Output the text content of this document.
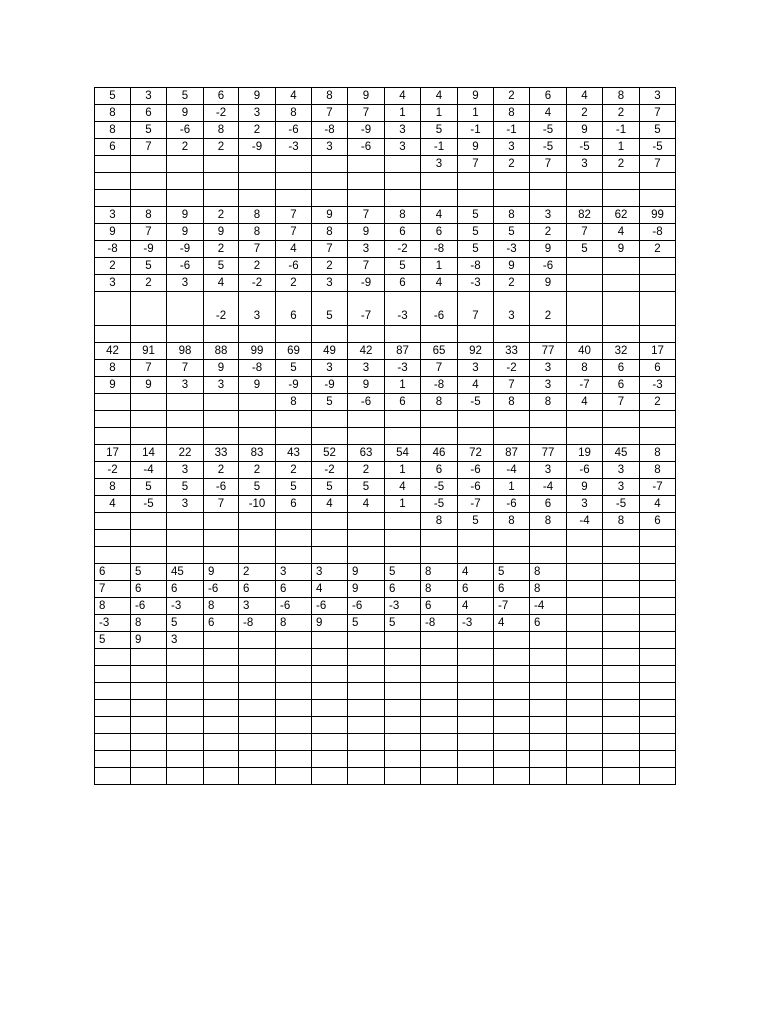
5	3	5	6	9	4	8	9	4	4	9	2	6	4	8	3
8	6	9	-2	3	8	7	7	1	1	1	8	4	2	2	7
8	5	-6	8	2	-6	-8	-9	3	5	-1	-1	-5	9	-1	5
6	7	2	2	-9	-3	3	-6	3	-1	9	3	-5	-5	1	-5
									3	7	2	7	3	2	7

3	8	9	2	8	7	9	7	8	4	5	8	3	82	62	99
9	7	9	9	8	7	8	9	6	6	5	5	2	7	4	-8
-8	-9	-9	2	7	4	7	3	-2	-8	5	-3	9	5	9	2
2	5	-6	5	2	-6	2	7	5	1	-8	9	-6			
3	2	3	4	-2	2	3	-9	6	4	-3	2	9			
			-2	3	6	5	-7	-3	-6	7	3	2			

42	91	98	88	99	69	49	42	87	65	92	33	77	40	32	17
8	7	7	9	-8	5	3	3	-3	7	3	-2	3	8	6	6
9	9	3	3	9	-9	-9	9	1	-8	4	7	3	-7	6	-3
					8	5	-6	6	8	-5	8	8	4	7	2

17	14	22	33	83	43	52	63	54	46	72	87	77	19	45	8
-2	-4	3	2	2	2	-2	2	1	6	-6	-4	3	-6	3	8
8	5	5	-6	5	5	5	5	4	-5	-6	1	-4	9	3	-7
4	-5	3	7	-10	6	4	4	1	-5	-7	-6	6	3	-5	4
									8	5	8	8	-4	8	6

6	5	45	9	2	3	3	9	5	8	4	5	8			
7	6	6	-6	6	6	4	9	6	8	6	6	8			
8	-6	-3	8	3	-6	-6	-6	-3	6	4	-7	-4			
-3	8	5	6	-8	8	9	5	5	-8	-3	4	6			
5	9	3													
